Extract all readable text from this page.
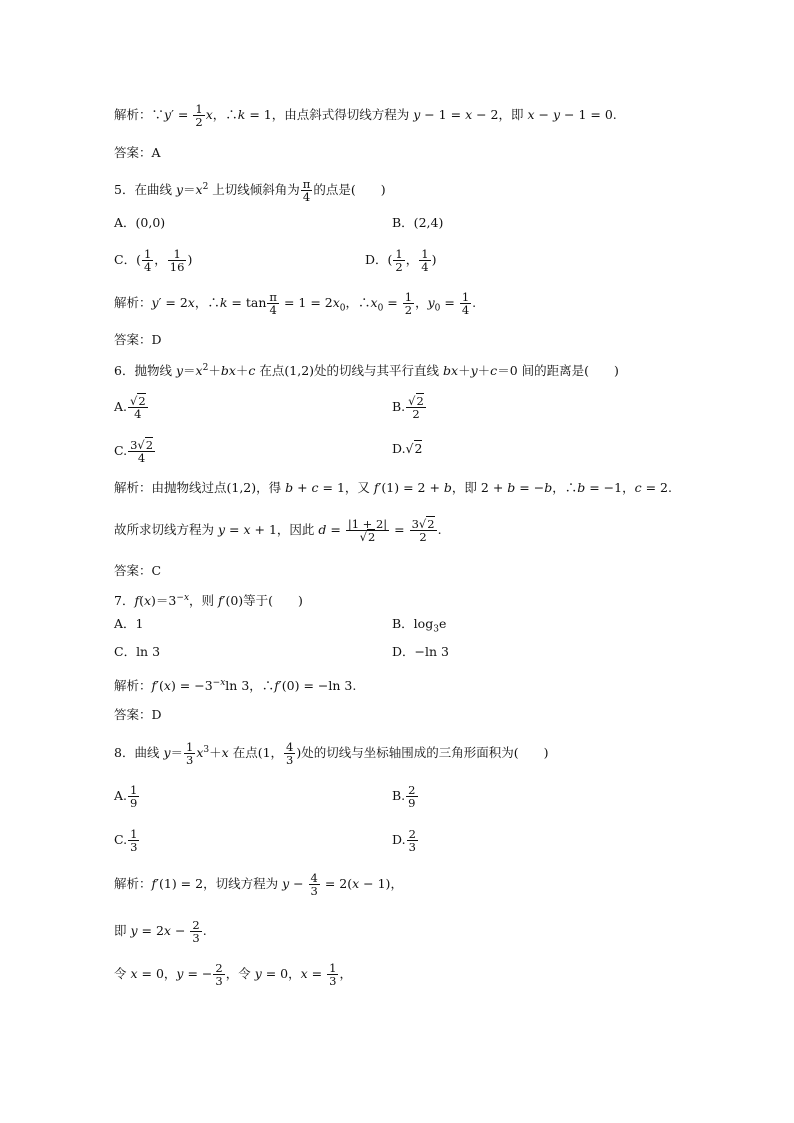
解析：∵y′ = $\frac{1}{2}$ x，∴k = 1，由点斜式得切线方程为 y − 1 = x − 2，即 x − y − 1 = 0.
答案：A
5．在曲线 $y=x^2$ 上切线倾斜角为 $\frac{\pi}{4}$ 的点是(　　)
A．(0,0)	B．(2,4)
C．( $\frac{1}{4}$ ， $\frac{1}{16}$ )	D．( $\frac{1}{2}$ ， $\frac{1}{4}$ )
解析：y′ = 2x，∴k = $\tan \frac{\pi}{4} = 1 = 2x_0$，$\therefore x_0 = \frac{1}{2}$ ，$y_0 = \frac{1}{4}$ .
答案：D
6．抛物线 $y=x^2+bx+c$ 在点(1,2)处的切线与其平行直线 bx＋y＋c＝0 间的距离是(　　)
A. $\frac{√2}{4}$	B. $\frac{√2}{2}$
C. $\frac{3√2}{4}$	D.√2
解析：由抛物线过点(1,2)，得 b + c = 1，又 f′(1) = 2 + b，即 2 + b = −b，∴b = −1，c = 2.
故所求切线方程为 y = x + 1，因此 $d = \frac{|1 + 2|}{√2} = \frac{3√2}{2}$ .
答案：C
7．$f(x)=3^{-x}$，则 f′(0)等于(　　)
A．1	B．$\log_3e$
C．ln 3	D．−ln 3
解析：$f'(x) = -3^{-x}\ln$ 3，∴f′(0) = −ln 3.
答案：D
8．曲线 $y= \frac{1}{3} x^3+x$ 在点(1， $\frac{4}{3}$ )处的切线与坐标轴围成的三角形面积为(　　)
A. $\frac{1}{9}$	B. $\frac{2}{9}$
C. $\frac{1}{3}$	D. $\frac{2}{3}$
解析：f′(1) = 2，切线方程为 $y - \frac{4}{3} = 2(x - 1)$，
即 $y = 2x - \frac{2}{3}$ .
令 x = 0，y = − $\frac{2}{3}$ ，令 y = 0，$x = \frac{1}{3}$ ，
